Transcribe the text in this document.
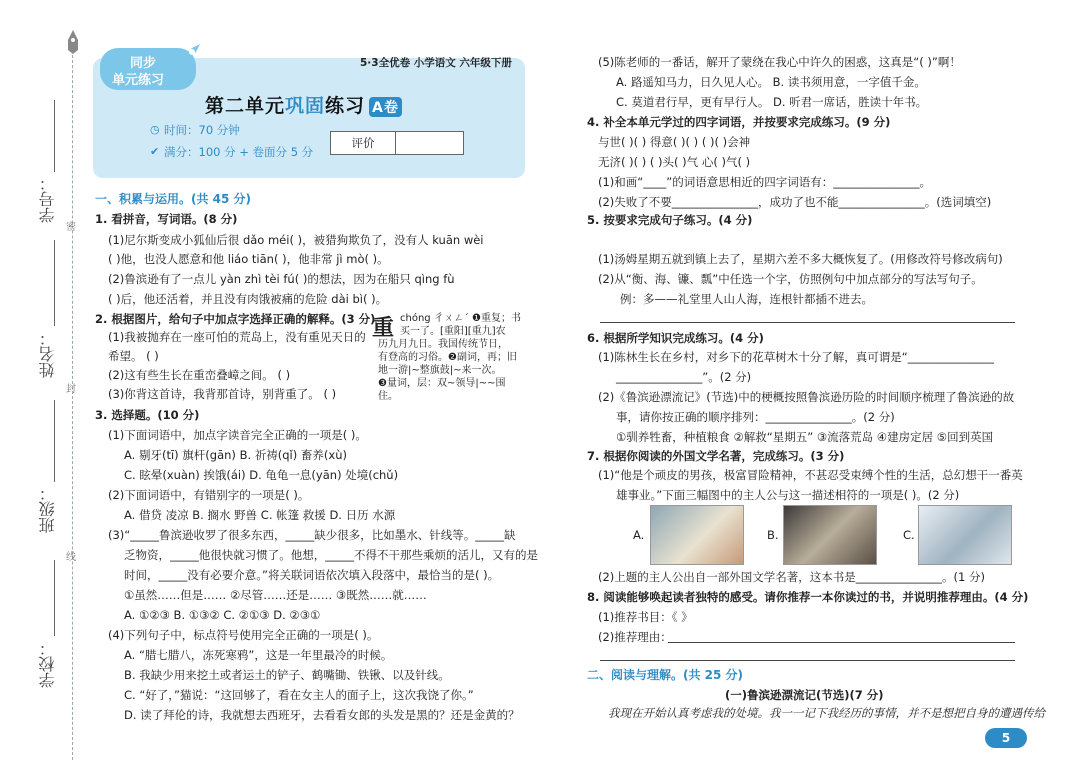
学号：
密
姓名：
封
班级：
线
学校：
同步
单元练习
5·3全优卷 小学语文 六年级下册
第二单元巩固练习 A卷
◷ 时间：70 分钟
✔ 满分：100 分 + 卷面分 5 分
评价
一、积累与运用。(共 45 分)
1. 看拼音，写词语。(8 分)
(1)尼尔斯变成小狐仙后很 dǎo méi( )，被猎狗欺负了，没有人 kuān wèi
( )他，也没人愿意和他 liáo tiān( )，他非常 jì mò( )。
(2)鲁滨逊有了一点儿 yàn zhì tèi fú( )的想法，因为在船只 qìng fù
( )后，他还活着，并且没有肉饿被痛的危险 dài bì( )。
2. 根据图片，给句子中加点字选择正确的解释。(3 分)
(1)我被抛弃在一座可怕的荒岛上，没有重见天日的
希望。 ( )
(2)这有些生长在重峦叠嶂之间。 ( )
(3)你背这首诗，我背那首诗，别背重了。 ( )
重 chóng 彳ㄨㄥˊ ❶重复；书
买一了。[重阳][重九]农
历九月九日。我国传统节日，
有登高的习俗。❷副词，再；旧
地一游|~整旗鼓|~来一次。
❸量词，层：双~领导|~~围
住。
3. 选择题。(10 分)
(1)下面词语中，加点字读音完全正确的一项是( )。
A. 剔牙(tī) 旗杆(gān) B. 祈祷(qǐ) 畜养(xù)
C. 眩晕(xuàn) 挨饿(ái) D. 龟龟一息(yān) 处境(chǔ)
(2)下面词语中，有错别字的一项是( )。
A. 借贷 凌凉 B. 搁水 野兽 C. 帐篷 救援 D. 日历 水源
(3)“_____鲁滨逊收罗了很多东西，_____缺少很多，比如墨水、针线等。_____缺
乏物资，_____他很快就习惯了。他想，_____不得不干那些乘烦的活儿，又有的是
时间，_____没有必要介意。”将关联词语依次填入段落中，最恰当的是( )。
①虽然……但是…… ②尽管……还是…… ③既然……就……
A. ①②③ B. ①③② C. ②①③ D. ②③①
(4)下列句子中，标点符号使用完全正确的一项是( )。
A. “腊七腊八，冻死寒鸦”，这是一年里最冷的时候。
B. 我缺少用来挖土或者运土的铲子、鹤嘴锄、铁锹、以及针线。
C. “好了，”猫说：“这回够了，看在女主人的面子上，这次我饶了你。”
D. 读了拜伦的诗，我就想去西班牙，去看看女郎的头发是黑的？还是金黄的？
(5)陈老师的一番话，解开了蒙绕在我心中许久的困惑，这真是“( )”啊！
A. 路遥知马力，日久见人心。 B. 读书须用意，一字值千金。
C. 莫道君行早，更有早行人。 D. 听君一席话，胜读十年书。
4. 补全本单元学过的四字词语，并按要求完成练习。(9 分)
与世( )( ) 得意( )( ) ( )( )会神
无济( )( ) ( )头( )气 心( )气( )
(1)和画“____”的词语意思相近的四字词语有：_______________。
(2)失败了不要_______________，成功了也不能_______________。(选词填空)
5. 按要求完成句子练习。(4 分)
(1)汤姆星期五就到镇上去了，星期六差不多大概恢复了。(用修改符号修改病句)
(2)从“衡、海、镰、瓢”中任选一个字，仿照例句中加点部分的写法写句子。
例：多——礼堂里人山人海，连根针都插不进去。
6. 根据所学知识完成练习。(4 分)
(1)陈林生长在乡村，对乡下的花草树木十分了解，真可谓是“_______________
_______________”。(2 分)
(2)《鲁滨逊漂流记》(节选)中的梗概按照鲁滨逊历险的时间顺序梳理了鲁滨逊的故
事，请你按正确的顺序排列：_______________。(2 分)
①驯养牲畜，种植粮食 ②解救“星期五” ③流落荒岛 ④建房定居 ⑤回到英国
7. 根据你阅读的外国文学名著，完成练习。(3 分)
(1)“他是个顽皮的男孩，极富冒险精神，不甚忍受束缚个性的生活，总幻想干一番英
雄事业。”下面三幅图中的主人公与这一描述相符的一项是( )。(2 分)
A.	B.	C.
(2)上题的主人公出自一部外国文学名著，这本书是_______________。(1 分)
8. 阅读能够唤起读者独特的感受。请你推荐一本你读过的书，并说明推荐理由。(4 分)
(1)推荐书目：《 》
(2)推荐理由：
二、阅读与理解。(共 25 分)
(一)鲁滨逊漂流记(节选)(7 分)
我现在开始认真考虑我的处境。我一一记下我经历的事情，并不是想把自身的遭遇传给
5
